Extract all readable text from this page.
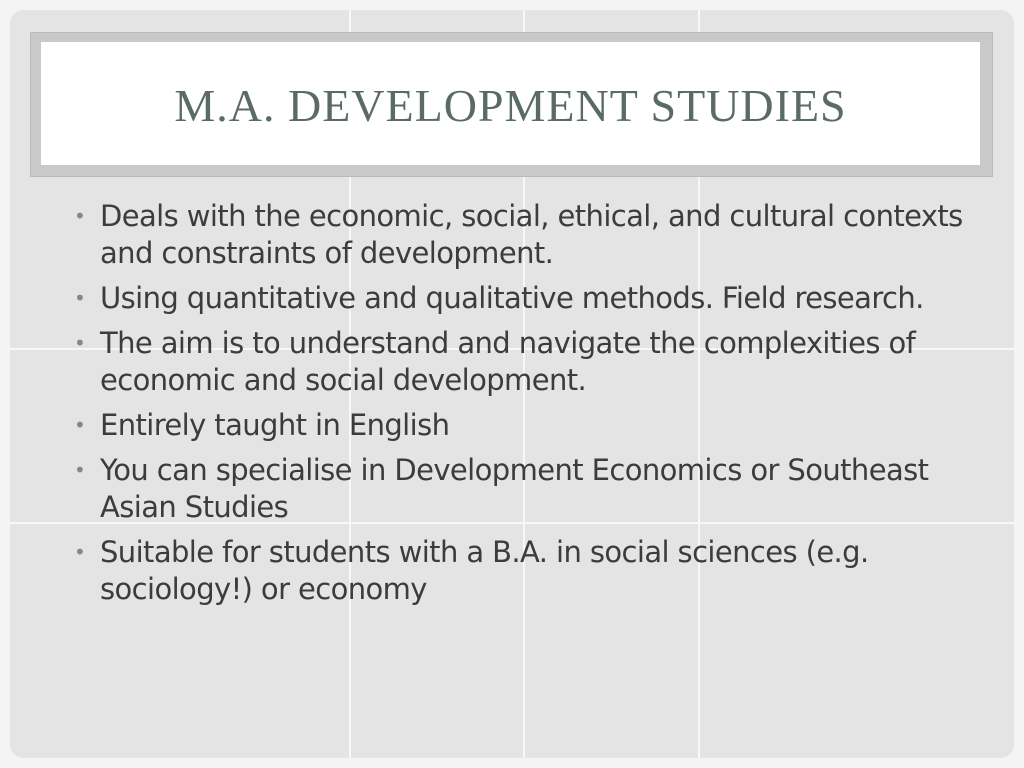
M.A. DEVELOPMENT STUDIES
• Deals with the economic, social, ethical, and cultural contexts and constraints of development.
• Using quantitative and qualitative methods. Field research.
• The aim is to understand and navigate the complexities of economic and social development.
• Entirely taught in English
• You can specialise in Development Economics or Southeast Asian Studies
• Suitable for students with a B.A. in social sciences (e.g. sociology!) or economy
